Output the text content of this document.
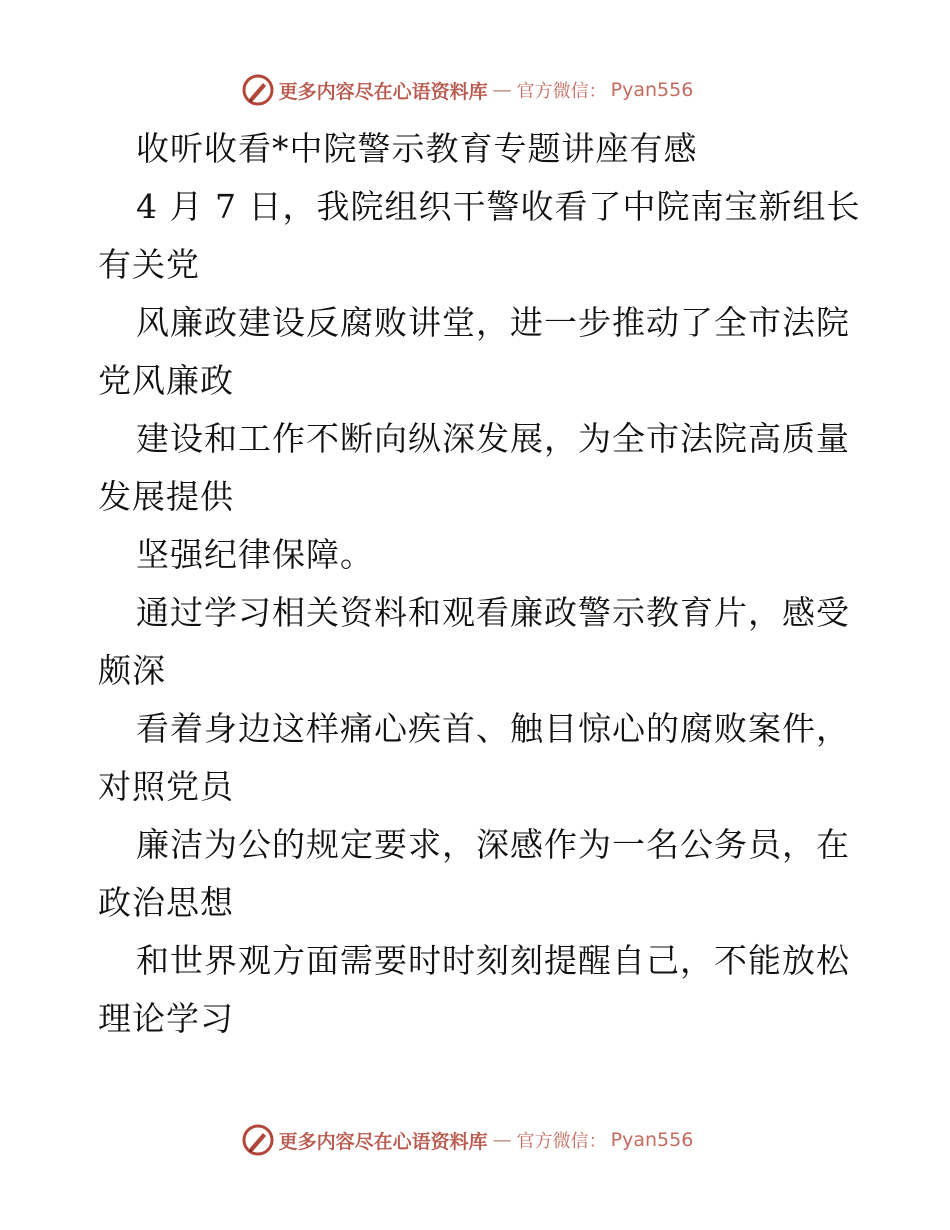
更多内容尽在心语资料库 — 官方微信： Pyan556
收听收看*中院警示教育专题讲座有感
4 月 7 日，我院组织干警收看了中院南宝新组长
有关党
风廉政建设反腐败讲堂，进一步推动了全市法院
党风廉政
建设和工作不断向纵深发展，为全市法院高质量
发展提供
坚强纪律保障。
通过学习相关资料和观看廉政警示教育片，感受
颇深
看着身边这样痛心疾首、触目惊心的腐败案件，
对照党员
廉洁为公的规定要求，深感作为一名公务员，在
政治思想
和世界观方面需要时时刻刻提醒自己，不能放松
理论学习
更多内容尽在心语资料库 — 官方微信： Pyan556
